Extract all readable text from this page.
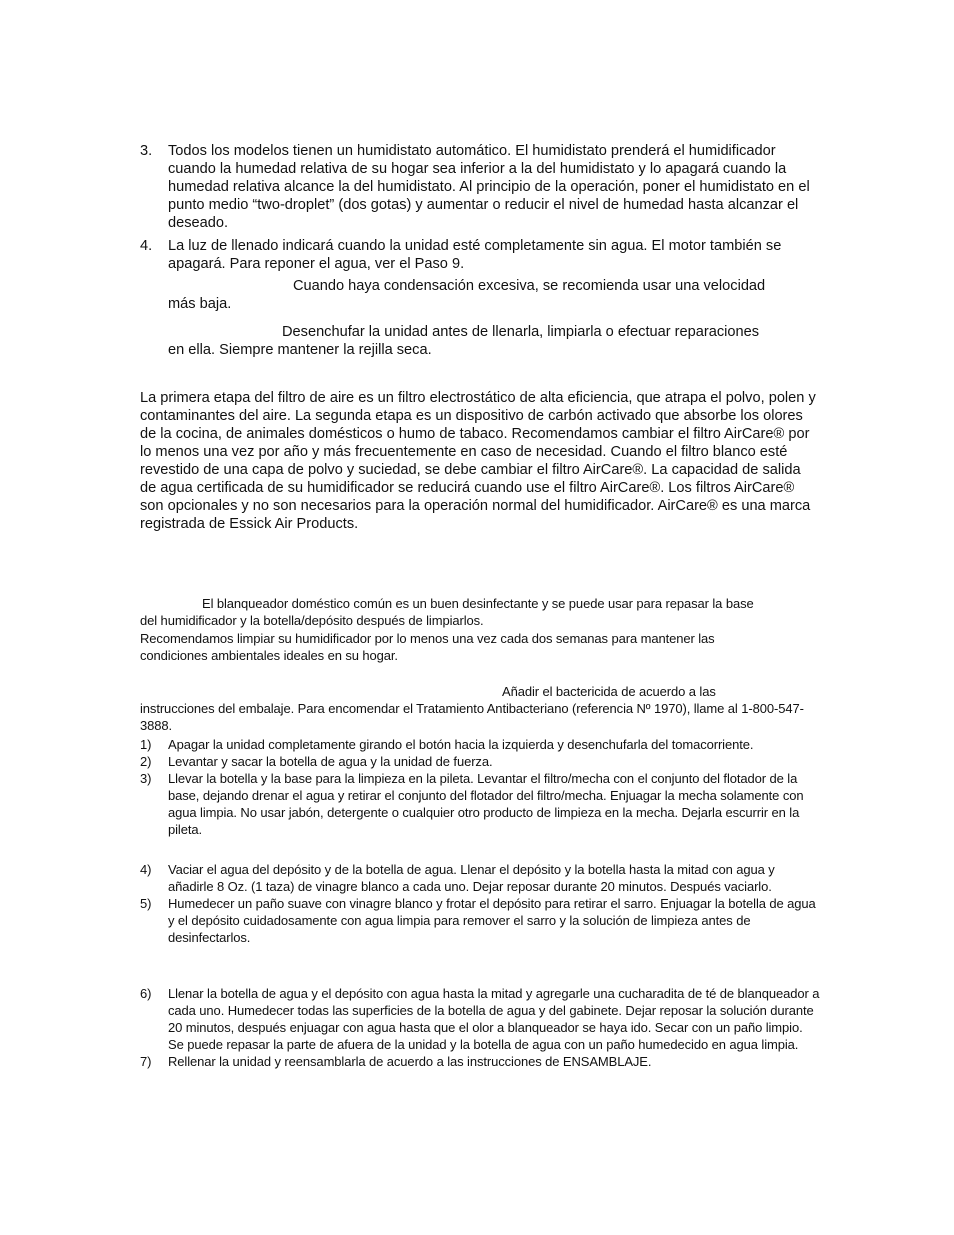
3. Todos los modelos tienen un humidistato automático. El humidistato prenderá el humidificador cuando la humedad relativa de su hogar sea inferior a la del humidistato y lo apagará cuando la humedad relativa alcance la del humidistato. Al principio de la operación, poner el humidistato en el punto medio “two-droplet” (dos gotas) y aumentar o reducir el nivel de humedad hasta alcanzar el deseado.
4. La luz de llenado indicará cuando la unidad esté completamente sin agua. El motor también se apagará. Para reponer el agua, ver el Paso 9.
Cuando haya condensación excesiva, se recomienda usar una velocidad
más baja.
Desenchufar la unidad antes de llenarla, limpiarla o efectuar reparaciones
en ella. Siempre mantener la rejilla seca.

La primera etapa del filtro de aire es un filtro electrostático de alta eficiencia, que atrapa el polvo, polen y contaminantes del aire. La segunda etapa es un dispositivo de carbón activado que absorbe los olores de la cocina, de animales domésticos o humo de tabaco. Recomendamos cambiar el filtro AirCare® por lo menos una vez por año y más frecuentemente en caso de necesidad. Cuando el filtro blanco esté revestido de una capa de polvo y suciedad, se debe cambiar el filtro AirCare®. La capacidad de salida de agua certificada de su humidificador se reducirá cuando use el filtro AirCare®. Los filtros AirCare® son opcionales y no son necesarios para la operación normal del humidificador. AirCare® es una marca registrada de Essick Air Products.

El blanqueador doméstico común es un buen desinfectante y se puede usar para repasar la base
del humidificador y la botella/depósito después de limpiarlos.

Recomendamos limpiar su humidificador por lo menos una vez cada dos semanas para mantener las condiciones ambientales ideales en su hogar.

Añadir el bactericida de acuerdo a las
instrucciones del embalaje. Para encomendar el Tratamiento Antibacteriano (referencia Nº 1970), llame al 1-800-547-3888.
1) Apagar la unidad completamente girando el botón hacia la izquierda y desenchufarla del tomacorriente.
2) Levantar y sacar la botella de agua y la unidad de fuerza.
3) Llevar la botella y la base para la limpieza en la pileta. Levantar el filtro/mecha con el conjunto del flotador de la base, dejando drenar el agua y retirar el conjunto del flotador del filtro/mecha. Enjuagar la mecha solamente con agua limpia. No usar jabón, detergente o cualquier otro producto de limpieza en la mecha. Dejarla escurrir en la pileta.
4) Vaciar el agua del depósito y de la botella de agua. Llenar el depósito y la botella hasta la mitad con agua y añadirle 8 Oz. (1 taza) de vinagre blanco a cada uno. Dejar reposar durante 20 minutos. Después vaciarlo.
5) Humedecer un paño suave con vinagre blanco y frotar el depósito para retirar el sarro. Enjuagar la botella de agua y el depósito cuidadosamente con agua limpia para remover el sarro y la solución de limpieza antes de desinfectarlos.
6) Llenar la botella de agua y el depósito con agua hasta la mitad y agregarle una cucharadita de té de blanqueador a cada uno. Humedecer todas las superficies de la botella de agua y del gabinete. Dejar reposar la solución durante 20 minutos, después enjuagar con agua hasta que el olor a blanqueador se haya ido. Secar con un paño limpio. Se puede repasar la parte de afuera de la unidad y la botella de agua con un paño humedecido en agua limpia.
7) Rellenar la unidad y reensamblarla de acuerdo a las instrucciones de ENSAMBLAJE.
